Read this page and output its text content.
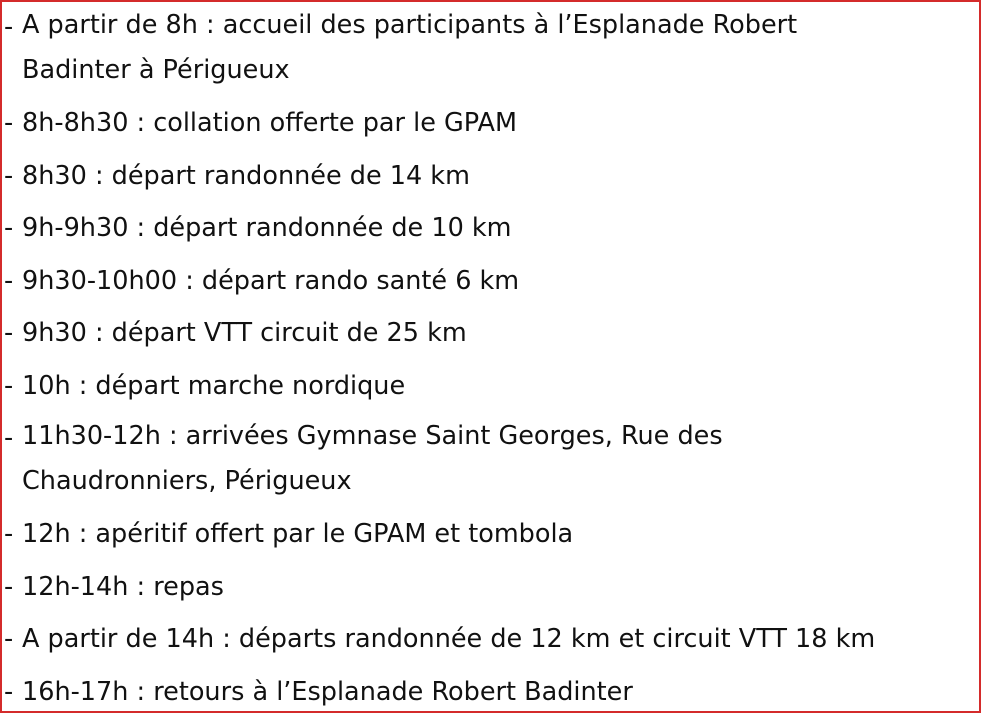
- A partir de 8h : accueil des participants à l’Esplanade Robert
Badinter à Périgueux
- 8h-8h30 : collation offerte par le GPAM
- 8h30 : départ randonnée de 14 km
- 9h-9h30 : départ randonnée de 10 km
- 9h30-10h00 : départ rando santé 6 km
- 9h30 : départ VTT circuit de 25 km
- 10h : départ marche nordique
- 11h30-12h : arrivées Gymnase Saint Georges, Rue des
Chaudronniers, Périgueux
- 12h : apéritif offert par le GPAM et tombola
- 12h-14h : repas
- A partir de 14h : départs randonnée de 12 km et circuit VTT 18 km
- 16h-17h : retours à l’Esplanade Robert Badinter
